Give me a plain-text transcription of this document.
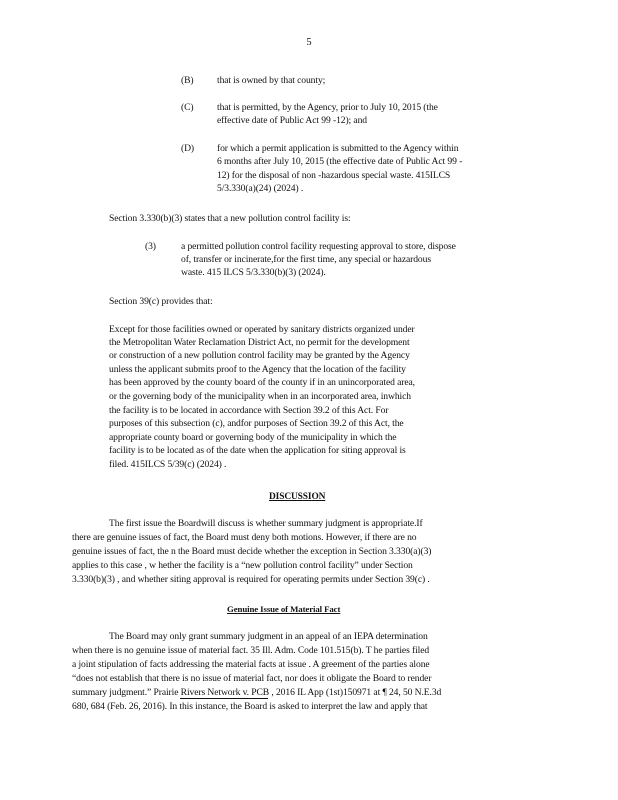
5
(B)	that is owned by that county;
(C)	that is permitted, by the Agency, prior to July 10, 2015 (the
effective date of Public Act 99 -12); and
(D)	for which a permit application is submitted to the Agency within
6 months after July 10, 2015 (the effective date of Public Act 99 -
12) for the disposal of non -hazardous special waste. 415ILCS
5/3.330(a)(24) (2024) .
Section 3.330(b)(3) states that a new pollution control facility is:
(3)	a permitted pollution control facility requesting approval to store, dispose
of, transfer or incinerate,for the first time, any special or hazardous
waste. 415 ILCS 5/3.330(b)(3) (2024).
Section 39(c) provides that:
Except for those facilities owned or operated by sanitary districts organized under
the Metropolitan Water Reclamation District Act, no permit for the development
or construction of a new pollution control facility may be granted by the Agency
unless the applicant submits proof to the Agency that the location of the facility
has been approved by the county board of the county if in an unincorporated area,
or the governing body of the municipality when in an incorporated area, inwhich
the facility is to be located in accordance with Section 39.2 of this Act. For
purposes of this subsection (c), andfor purposes of Section 39.2 of this Act, the
appropriate county board or governing body of the municipality in which the
facility is to be located as of the date when the application for siting approval is
filed. 415ILCS 5/39(c) (2024) .
DISCUSSION
The first issue the Boardwill discuss is whether summary judgment is appropriate.If
there are genuine issues of fact, the Board must deny both motions. However, if there are no
genuine issues of fact, the n the Board must decide whether the exception in Section 3.330(a)(3)
applies to this case , w hether the facility is a “new pollution control facility” under Section
3.330(b)(3) , and whether siting approval is required for operating permits under Section 39(c) .
Genuine Issue of Material Fact
The Board may only grant summary judgment in an appeal of an IEPA determination
when there is no genuine issue of material fact. 35 Ill. Adm. Code 101.515(b). T he parties filed
a joint stipulation of facts addressing the material facts at issue . A greement of the parties alone
“does not establish that there is no issue of material fact, nor does it obligate the Board to render
summary judgment.” Prairie Rivers Network v. PCB , 2016 IL App (1st)150971 at ¶ 24, 50 N.E.3d
680, 684 (Feb. 26, 2016). In this instance, the Board is asked to interpret the law and apply that
